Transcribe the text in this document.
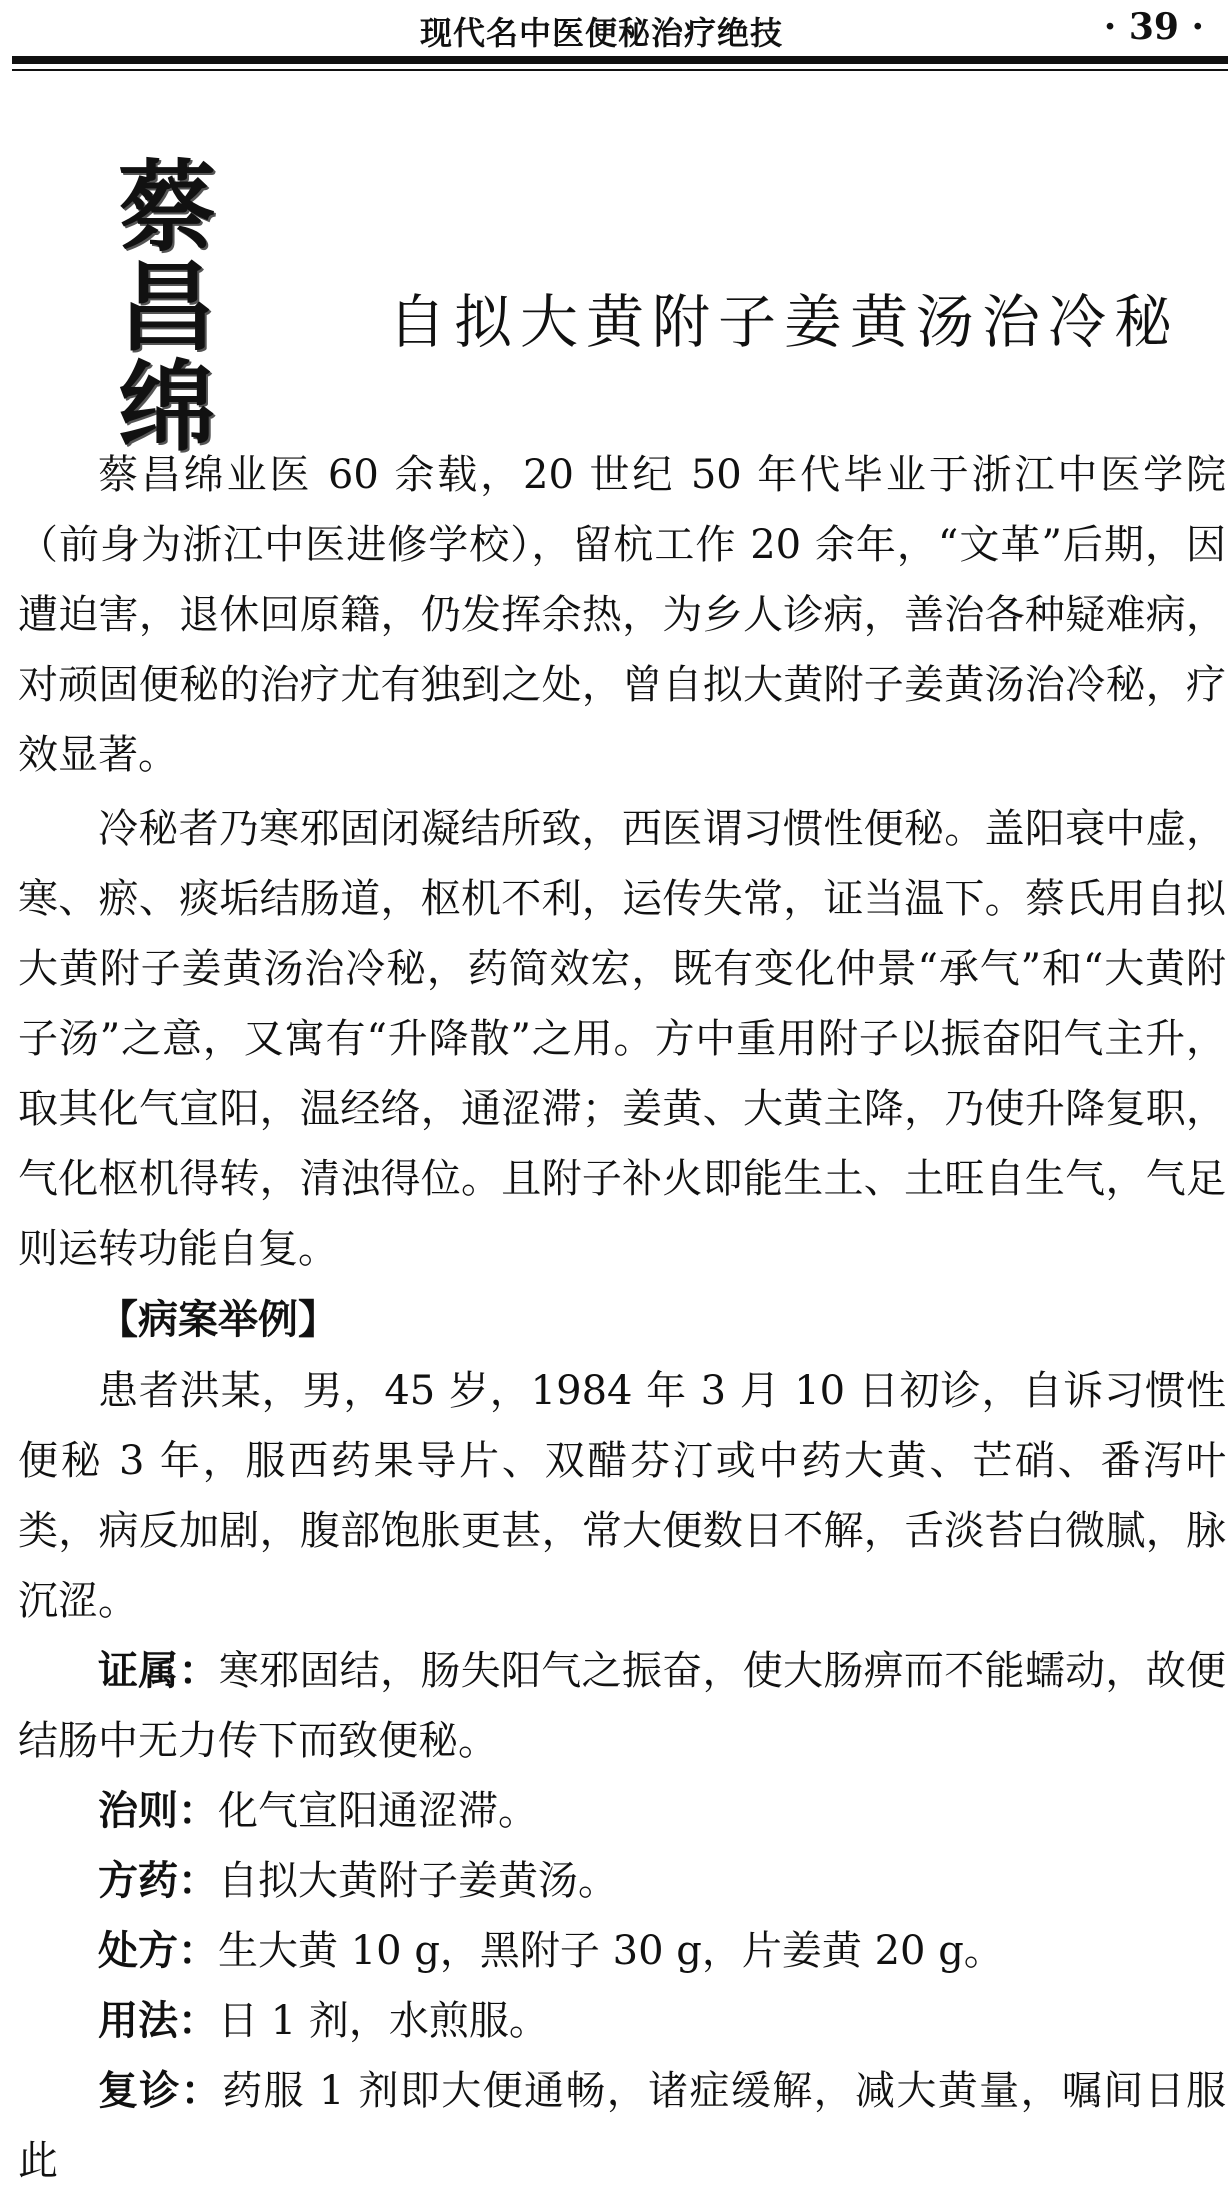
现代名中医便秘治疗绝技	· 39 ·
蔡
昌
绵
自拟大黄附子姜黄汤治冷秘

蔡昌绵业医 60 余载，20 世纪 50 年代毕业于浙江中医学院（前身为浙江中医进修学校），留杭工作 20 余年，“文革”后期，因遭迫害，退休回原籍，仍发挥余热，为乡人诊病，善治各种疑难病，对顽固便秘的治疗尤有独到之处，曾自拟大黄附子姜黄汤治冷秘，疗效显著。

冷秘者乃寒邪固闭凝结所致，西医谓习惯性便秘。盖阳衰中虚，寒、瘀、痰垢结肠道，枢机不利，运传失常，证当温下。蔡氏用自拟大黄附子姜黄汤治冷秘，药简效宏，既有变化仲景“承气”和“大黄附子汤”之意，又寓有“升降散”之用。方中重用附子以振奋阳气主升，取其化气宣阳，温经络，通涩滞；姜黄、大黄主降，乃使升降复职，气化枢机得转，清浊得位。且附子补火即能生土、土旺自生气，气足则运转功能自复。

【病案举例】

患者洪某，男，45 岁，1984 年 3 月 10 日初诊，自诉习惯性便秘 3 年，服西药果导片、双醋芬汀或中药大黄、芒硝、番泻叶类，病反加剧，腹部饱胀更甚，常大便数日不解，舌淡苔白微腻，脉沉涩。

证属：寒邪固结，肠失阳气之振奋，使大肠痹而不能蠕动，故便结肠中无力传下而致便秘。

治则：化气宣阳通涩滞。

方药：自拟大黄附子姜黄汤。

处方：生大黄 10 g，黑附子 30 g，片姜黄 20 g。

用法：日 1 剂，水煎服。

复诊：药服 1 剂即大便通畅，诸症缓解，减大黄量，嘱间日服此
